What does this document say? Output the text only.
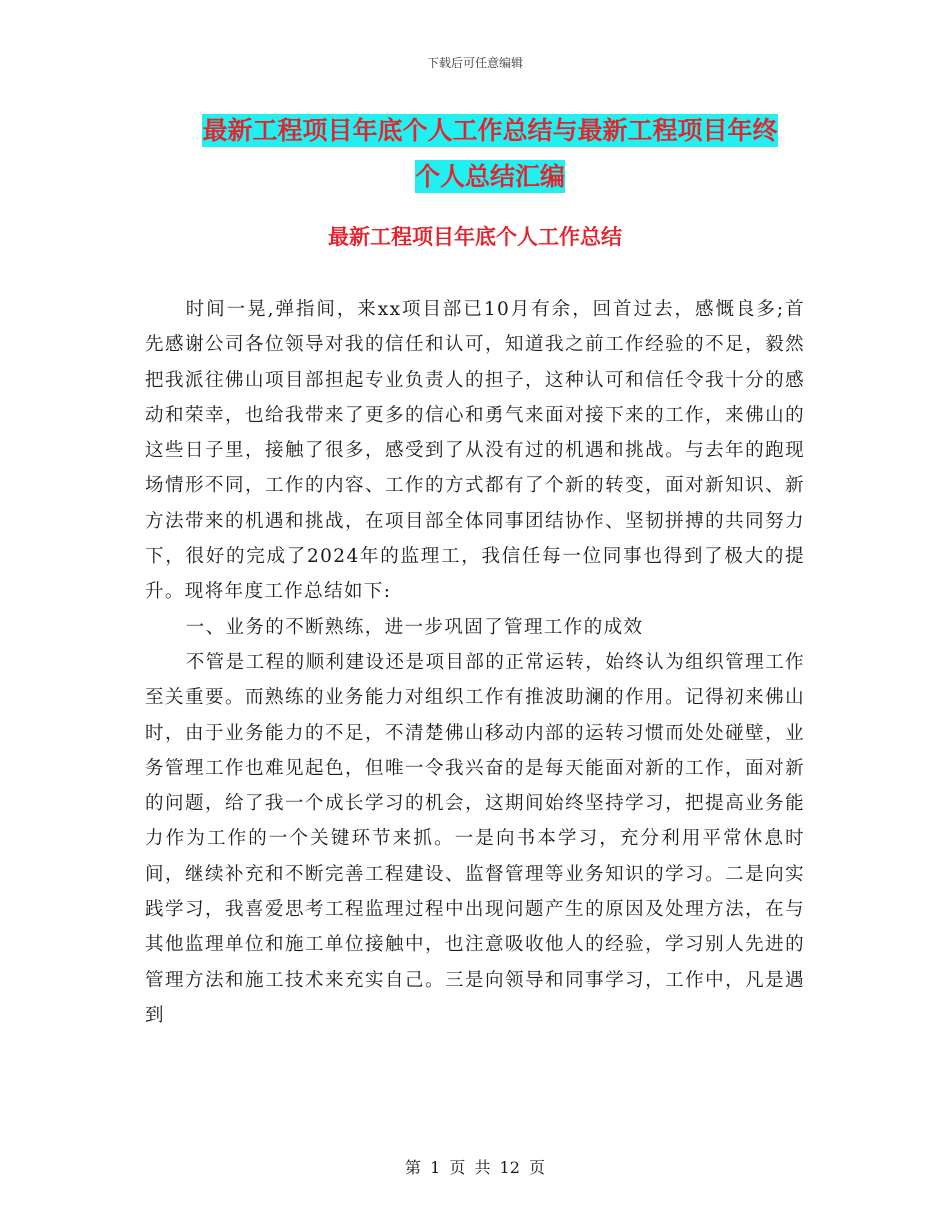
下载后可任意编辑
最新工程项目年底个人工作总结与最新工程项目年终
个人总结汇编
最新工程项目年底个人工作总结

时间一晃,弹指间，来xx项目部已10月有余，回首过去，感慨良多;首先感谢公司各位领导对我的信任和认可，知道我之前工作经验的不足，毅然把我派往佛山项目部担起专业负责人的担子，这种认可和信任令我十分的感动和荣幸，也给我带来了更多的信心和勇气来面对接下来的工作，来佛山的这些日子里，接触了很多，感受到了从没有过的机遇和挑战。与去年的跑现场情形不同，工作的内容、工作的方式都有了个新的转变，面对新知识、新方法带来的机遇和挑战，在项目部全体同事团结协作、坚韧拼搏的共同努力下，很好的完成了2024年的监理工，我信任每一位同事也得到了极大的提升。现将年度工作总结如下:

一、业务的不断熟练，进一步巩固了管理工作的成效

不管是工程的顺利建设还是项目部的正常运转，始终认为组织管理工作至关重要。而熟练的业务能力对组织工作有推波助澜的作用。记得初来佛山时，由于业务能力的不足，不清楚佛山移动内部的运转习惯而处处碰壁，业务管理工作也难见起色，但唯一令我兴奋的是每天能面对新的工作，面对新的问题，给了我一个成长学习的机会，这期间始终坚持学习，把提高业务能力作为工作的一个关键环节来抓。一是向书本学习，充分利用平常休息时间，继续补充和不断完善工程建设、监督管理等业务知识的学习。二是向实践学习，我喜爱思考工程监理过程中出现问题产生的原因及处理方法，在与其他监理单位和施工单位接触中，也注意吸收他人的经验，学习别人先进的管理方法和施工技术来充实自己。三是向领导和同事学习，工作中，凡是遇到

第 1 页 共 12 页
